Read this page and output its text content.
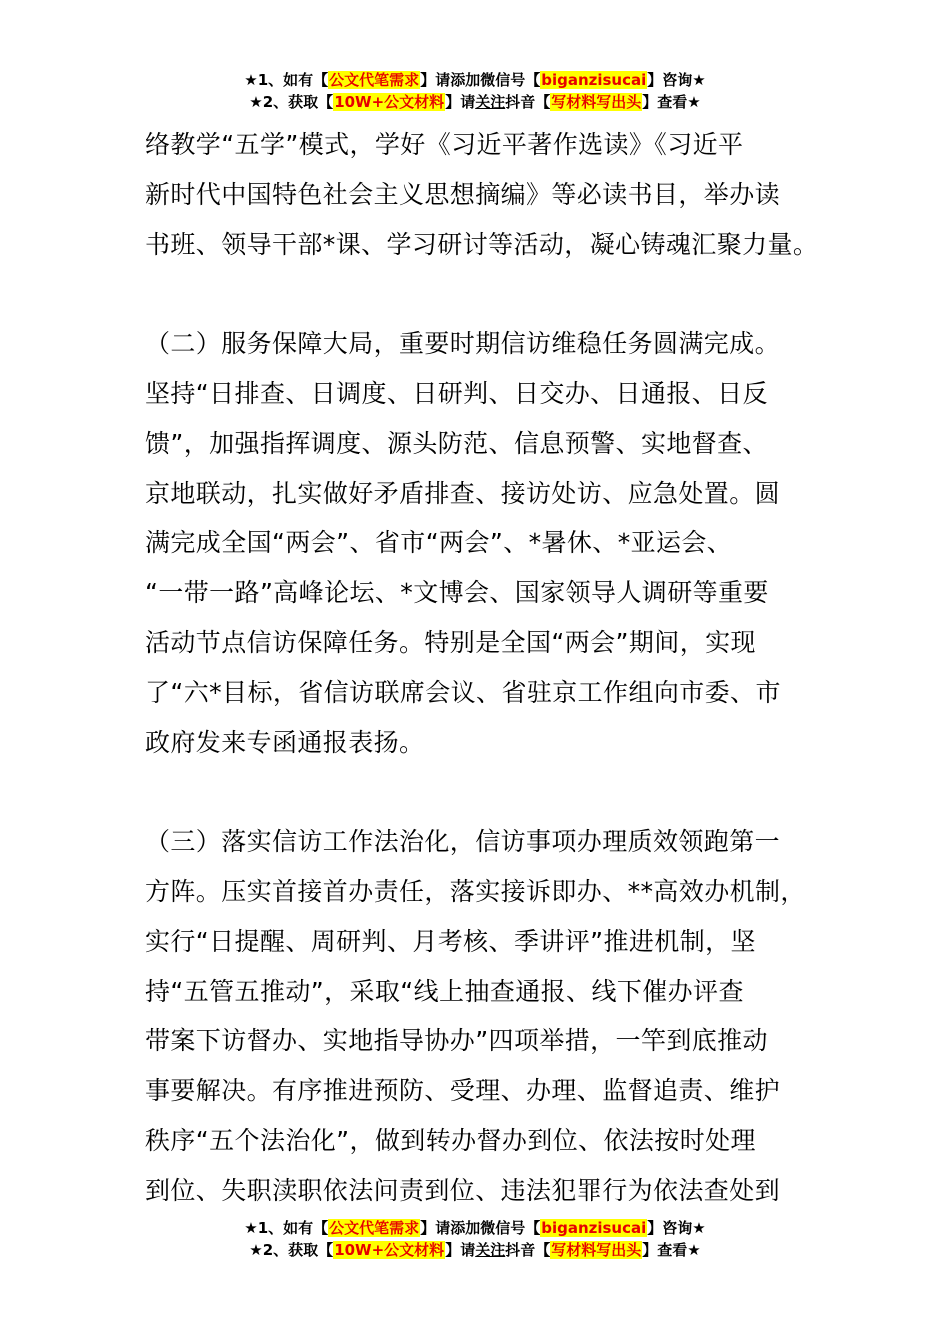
★1、如有【公文代笔需求】请添加微信号【biganzisucai】咨询★
★2、获取【10W+公文材料】请关注抖音【写材料写出头】查看★
络教学“五学”模式，学好《习近平著作选读》《习近平
新时代中国特色社会主义思想摘编》等必读书目，举办读
书班、领导干部*课、学习研讨等活动，凝心铸魂汇聚力量。
（二）服务保障大局，重要时期信访维稳任务圆满完成。
坚持“日排查、日调度、日研判、日交办、日通报、日反
馈”，加强指挥调度、源头防范、信息预警、实地督查、
京地联动，扎实做好矛盾排查、接访处访、应急处置。圆
满完成全国“两会”、省市“两会”、*暑休、*亚运会、
“一带一路”高峰论坛、*文博会、国家领导人调研等重要
活动节点信访保障任务。特别是全国“两会”期间，实现
了“六*目标，省信访联席会议、省驻京工作组向市委、市
政府发来专函通报表扬。
（三）落实信访工作法治化，信访事项办理质效领跑第一
方阵。压实首接首办责任，落实接诉即办、**高效办机制，
实行“日提醒、周研判、月考核、季讲评”推进机制，坚
持“五管五推动”，采取“线上抽查通报、线下催办评查
带案下访督办、实地指导协办”四项举措，一竿到底推动
事要解决。有序推进预防、受理、办理、监督追责、维护
秩序“五个法治化”，做到转办督办到位、依法按时处理
到位、失职渎职依法问责到位、违法犯罪行为依法查处到
★1、如有【公文代笔需求】请添加微信号【biganzisucai】咨询★
★2、获取【10W+公文材料】请关注抖音【写材料写出头】查看★
